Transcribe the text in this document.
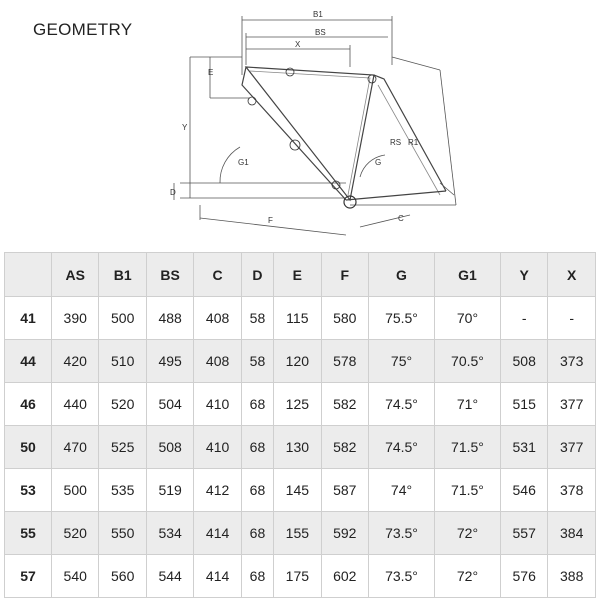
GEOMETRY
B1
BS
X
E
Y
D
F	C
G
G1
R1
RS
	AS	B1	BS	C	D	E	F	G	G1	Y	X
41	390	500	488	408	58	115	580	75.5°	70°	-	-
44	420	510	495	408	58	120	578	75°	70.5°	508	373
46	440	520	504	410	68	125	582	74.5°	71°	515	377
50	470	525	508	410	68	130	582	74.5°	71.5°	531	377
53	500	535	519	412	68	145	587	74°	71.5°	546	378
55	520	550	534	414	68	155	592	73.5°	72°	557	384
57	540	560	544	414	68	175	602	73.5°	72°	576	388
